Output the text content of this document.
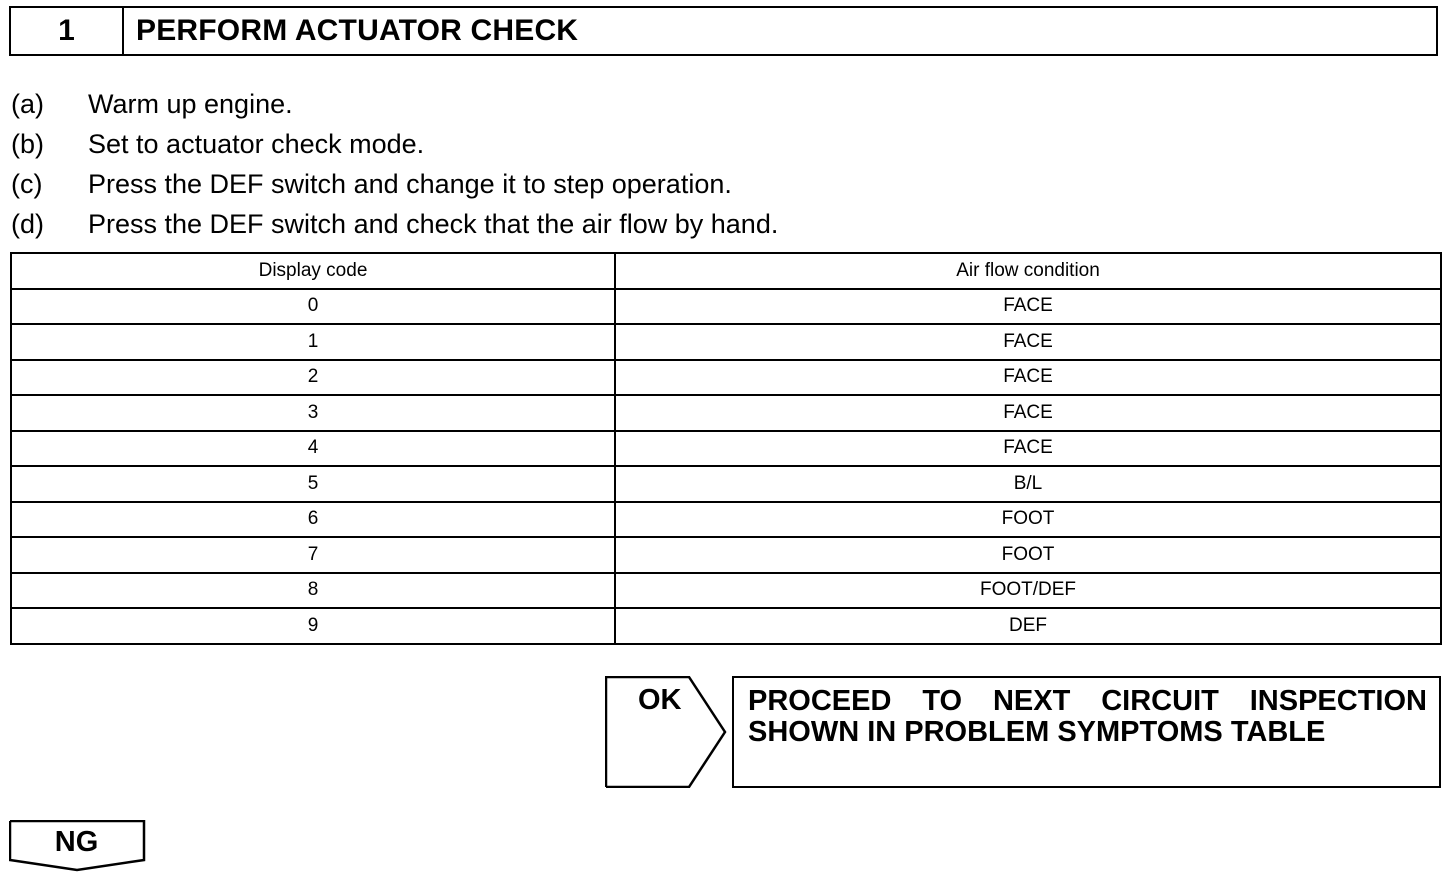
1	PERFORM ACTUATOR CHECK
(a)	Warm up engine.
(b)	Set to actuator check mode.
(c)	Press the DEF switch and change it to step operation.
(d)	Press the DEF switch and check that the air flow by hand.
Display code	Air flow condition
0	FACE
1	FACE
2	FACE
3	FACE
4	FACE
5	B/L
6	FOOT
7	FOOT
8	FOOT/DEF
9	DEF
OK PROCEED TO NEXT CIRCUIT INSPECTION
SHOWN IN PROBLEM SYMPTOMS TABLE
NG
